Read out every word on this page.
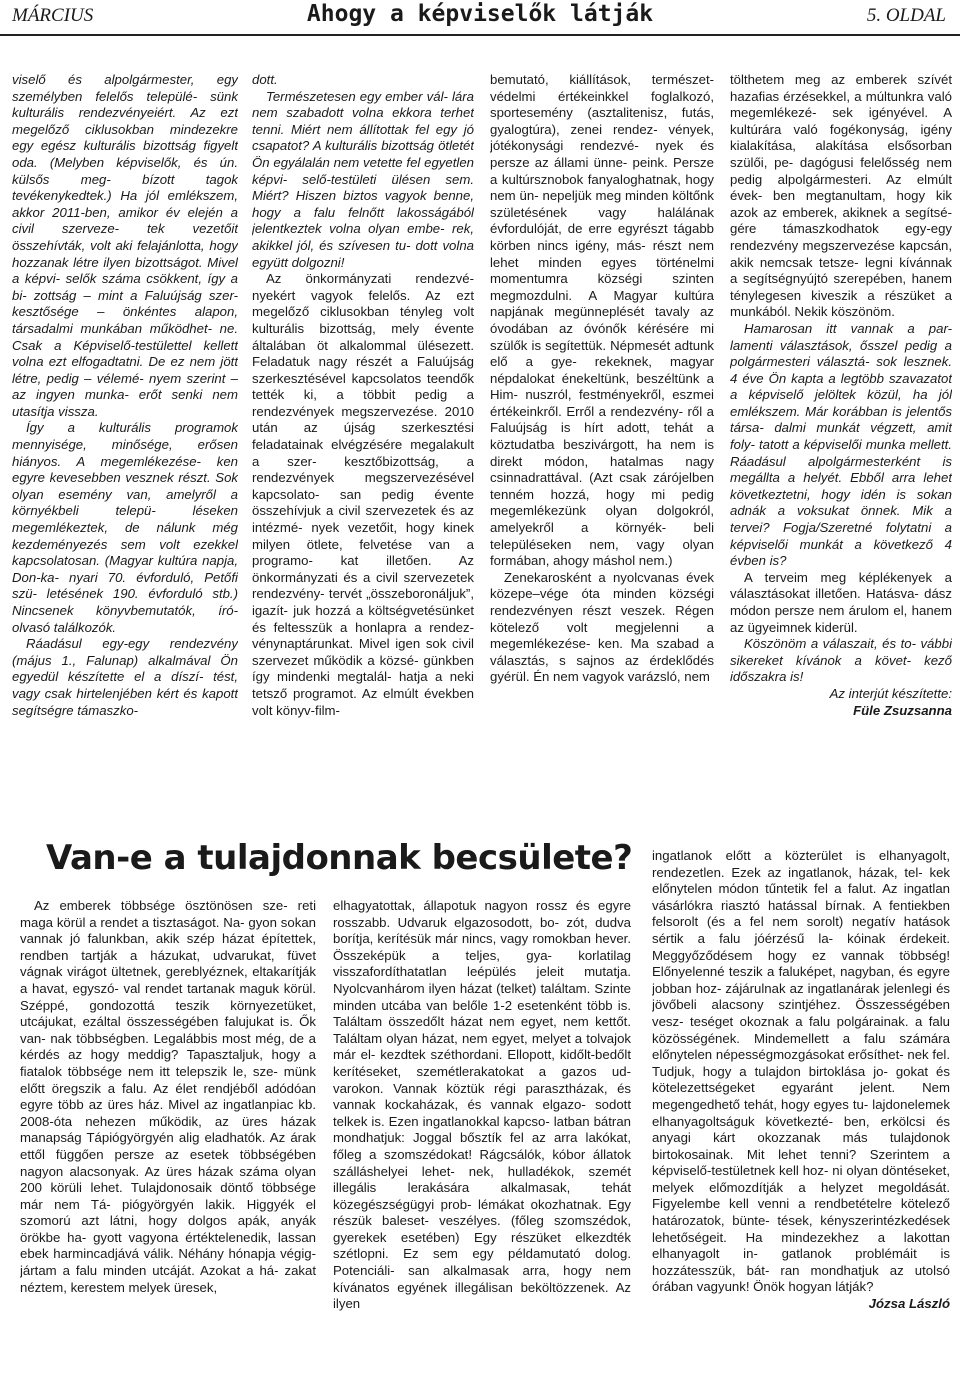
MÁRCIUS	Ahogy a képviselők látják	5. OLDAL

viselő és alpolgármester, egy személyben felelős települé- sünk kulturális rendezvényeiért. Az ezt megelőző ciklusokban mindezekre egy egész kulturális bizottság figyelt oda. (Melyben képviselők, és ún. külsős meg- bízott tagok tevékenykedtek.) Ha jól emlékszem, akkor 2011-ben, amikor év elején a civil szerveze- tek vezetőit összehívták, volt aki felajánlotta, hogy hozzanak létre ilyen bizottságot. Mivel a képvi- selők száma csökkent, így a bi- zottság – mint a Faluújság szer- kesztősége – önkéntes alapon, társadalmi munkában működhet- ne. Csak a Képviselő-testülettel kellett volna ezt elfogadtatni. De ez nem jött létre, pedig – vélemé- nyem szerint – az ingyen munka- erőt senki nem utasítja vissza.

Így a kulturális programok mennyisége, minősége, erősen hiányos. A megemlékezése- ken egyre kevesebben vesznek részt. Sok olyan esemény van, amelyről a környékbeli telepü- léseken megemlékeztek, de nálunk még kezdeményezés sem volt ezekkel kapcsolatosan. (Magyar kultúra napja, Don-ka- nyari 70. évforduló, Petőfi szü- letésének 190. évforduló stb.) Nincsenek könyvbemutatók, író- olvasó találkozók.

Ráadásul egy-egy rendezvény (május 1., Falunap) alkalmával Ön egyedül készítette el a díszí- tést, vagy csak hirtelenjében kért és kapott segítségre támaszko-

dott.

Természetesen egy ember vál- lára nem szabadott volna ekkora terhet tenni. Miért nem állítottak fel egy jó csapatot? A kulturális bizottság ötletét Ön egyálalán nem vetette fel egyetlen képvi- selő-testületi ülésen sem. Miért? Hiszen biztos vagyok benne, hogy a falu felnőtt lakosságából jelentkeztek volna olyan embe- rek, akikkel jól, és szívesen tu- dott volna együtt dolgozni!

Az önkormányzati rendezvé- nyekért vagyok felelős. Az ezt megelőző ciklusokban tényleg volt kulturális bizottság, mely évente általában öt alkalommal ülésezett. Feladatuk nagy részét a Faluújság szerkesztésével kapcsolatos teendők tették ki, a többit pedig a rendezvények megszervezése. 2010 után az újság szerkesztési feladatainak elvégzésére megalakult a szer- kesztőbizottság, a rendezvények megszervezésével kapcsolato- san pedig évente összehívjuk a civil szervezetek és az intézmé- nyek vezetőit, hogy kinek milyen ötlete, felvetése van a programo- kat illetően. Az önkormányzati és a civil szervezetek rendezvény- tervét „összeboronáljuk”, igazít- juk hozzá a költségvetésünket és feltesszük a honlapra a rendez- vénynaptárunkat. Mivel igen sok civil szervezet működik a közsé- günkben így mindenki megtalál- hatja a neki tetsző programot. Az elmúlt években volt könyv-film-

bemutató, kiállítások, természet- védelmi értékeinkkel foglalkozó, sportesemény (asztalitenisz, futás, gyalogtúra), zenei rendez- vények, jótékonysági rendezvé- nyek és persze az állami ünne- peink. Persze a kultúrsznobok fanyaloghatnak, hogy nem ün- nepeljük meg minden költőnk születésének vagy halálának évfordulóját, de erre egyrészt tágabb körben nincs igény, más- részt nem lehet minden egyes történelmi momentumra községi szinten megmozdulni. A Magyar kultúra napjának megünneplését tavaly az óvodában az óvónők kérésére mi szülők is segítettük. Népmesét adtunk elő a gye- rekeknek, magyar népdalokat énekeltünk, beszéltünk a Him- nuszról, festményekről, eszmei értékeinkről. Erről a rendezvény- ről a Faluújság is hírt adott, tehát a köztudatba beszivárgott, ha nem is direkt módon, hatalmas nagy csinnadrattával. (Azt csak zárójelben tenném hozzá, hogy mi pedig megemlékezünk olyan dolgokról, amelyekről a környék- beli településeken nem, vagy olyan formában, ahogy máshol nem.)

Zenekarosként a nyolcvanas évek közepe–vége óta minden községi rendezvényen részt veszek. Régen kötelező volt megjelenni a megemlékezése- ken. Ma szabad a választás, s sajnos az érdeklődés gyérül. Én nem vagyok varázsló, nem

tölthetem meg az emberek szívét hazafias érzésekkel, a múltunkra való megemlékezé- sek igényével. A kultúrára való fogékonyság, igény kialakítása, alakítása elsősorban szülői, pe- dagógusi felelősség nem pedig alpolgármesteri. Az elmúlt évek- ben megtanultam, hogy kik azok az emberek, akiknek a segítsé- gére támaszkodhatok egy-egy rendezvény megszervezése kapcsán, akik nemcsak tetsze- legni kívánnak a segítségnyújtó szerepében, hanem ténylegesen kiveszik a részüket a munkából. Nekik köszönöm.

Hamarosan itt vannak a par- lamenti választások, ősszel pedig a polgármesteri választá- sok lesznek. 4 éve Ön kapta a legtöbb szavazatot a képviselő jelöltek közül, ha jól emlékszem. Már korábban is jelentős társa- dalmi munkát végzett, amit foly- tatott a képviselői munka mellett. Ráadásul alpolgármesterként is megállta a helyét. Ebből arra lehet következtetni, hogy idén is sokan adnák a voksukat önnek. Mik a tervei? Fogja/Szeretné folytatni a képviselői munkát a következő 4 évben is?

A terveim meg képlékenyek a választásokat illetően. Hatásva- dász módon persze nem árulom el, hanem az ügyeimnek kiderül.

Köszönöm a válaszait, és to- vábbi sikereket kívánok a követ- kező időszakra is!

Az interjút készítette:
Füle Zsuzsanna
Van-e a tulajdonnak becsülete?

Az emberek többsége ösztönösen sze- reti maga körül a rendet a tisztaságot. Na- gyon sokan vannak jó falunkban, akik szép házat építettek, rendben tartják a házukat, udvarukat, füvet vágnak virágot ültetnek, gereblyéznek, eltakarítják a havat, egyszó- val rendet tartanak maguk körül. Széppé, gondozottá teszik környezetüket, utcájukat, ezáltal összességében falujukat is. Ők van- nak többségben. Legalábbis most még, de a kérdés az hogy meddig? Tapasztaljuk, hogy a fiatalok többsége nem itt telepszik le, sze- münk előtt öregszik a falu. Az élet rendjéből adódóan egyre több az üres ház. Mivel az ingatlanpiac kb. 2008-óta nehezen működik, az üres házak manapság Tápiógyörgyén alig eladhatók. Az árak ettől függően persze az esetek többségében nagyon alacsonyak. Az üres házak száma olyan 200 körüli lehet. Tulajdonosaik döntő többsége már nem Tá- piógyörgyén lakik. Higgyék el szomorú azt látni, hogy dolgos apák, anyák örökbe ha- gyott vagyona értéktelenedik, lassan ebek harmincadjává válik. Néhány hónapja végig- jártam a falu minden utcáját. Azokat a há- zakat néztem, kerestem melyek üresek,

elhagyatottak, állapotuk nagyon rossz és egyre rosszabb. Udvaruk elgazosodott, bo- zót, dudva borítja, kerítésük már nincs, vagy romokban hever. Összeképük a teljes, gya- korlatilag visszafordíthatatlan leépülés jeleit mutatja. Nyolcvanhárom ilyen házat (telket) találtam. Szinte minden utcába van belőle 1-2 esetenként több is. Találtam összedőlt házat nem egyet, nem kettőt. Találtam olyan házat, nem egyet, melyet a tolvajok már el- kezdtek széthordani. Ellopott, kidőlt-bedőlt kerítéseket, szemétlerakatokat a gazos ud- varokon. Vannak köztük régi parasztházak, és vannak kockaházak, és vannak elgazo- sodott telkek is. Ezen ingatlanokkal kapcso- latban bátran mondhatjuk: Joggal bősztík fel az arra lakókat, főleg a szomszédokat! Rágcsálók, kóbor állatok szálláshelyei lehet- nek, hulladékok, szemét illegális lerakására alkalmasak, tehát közegészségügyi prob- lémákat okozhatnak. Egy részük baleset- veszélyes. (főleg szomszédok, gyerekek esetében) Egy részüket elkezdték szétlopni. Ez sem egy példamutató dolog. Potenciáli- san alkalmasak arra, hogy nem kívánatos egyének illegálisan beköltözzenek. Az ilyen

ingatlanok előtt a közterület is elhanyagolt, rendezetlen. Ezek az ingatlanok, házak, tel- kek előnytelen módon tűntetik fel a falut. Az ingatlan vásárlókra riasztó hatással bírnak. A fentiekben felsorolt (és a fel nem sorolt) negatív hatások sértik a falu jóérzésű la- kóinak érdekeit. Meggyőződésem hogy ez vannak többség! Előnyelenné teszik a faluképet, nagyban, és egyre jobban hoz- zájárulnak az ingatlanárak jelenlegi és jövőbeli alacsony szintjéhez. Összességében vesz- teséget okoznak a falu polgárainak. a falu közösségének. Mindemellett a falu számára előnytelen népességmozgásokat erősíthet- nek fel. Tudjuk, hogy a tulajdon birtoklása jo- gokat és kötelezettségeket egyaránt jelent. Nem megengedhető tehát, hogy egyes tu- lajdonelemek elhanyagoltságuk következté- ben, erkölcsi és anyagi kárt okozzanak más tulajdonok birtokosainak. Mit lehet tenni? Szerintem a képviselő-testületnek kell hoz- ni olyan döntéseket, melyek előmozdítják a helyzet megoldását. Figyelembe kell venni a rendbetételre kötelező határozatok, bünte- tések, kényszerintézkedések lehetőségeit. Ha mindezekhez a lakottan elhanyagolt in- gatlanok problémáit is hozzátesszük, bát- ran mondhatjuk az utolsó órában vagyunk! Önök hogyan látják?

Józsa László
